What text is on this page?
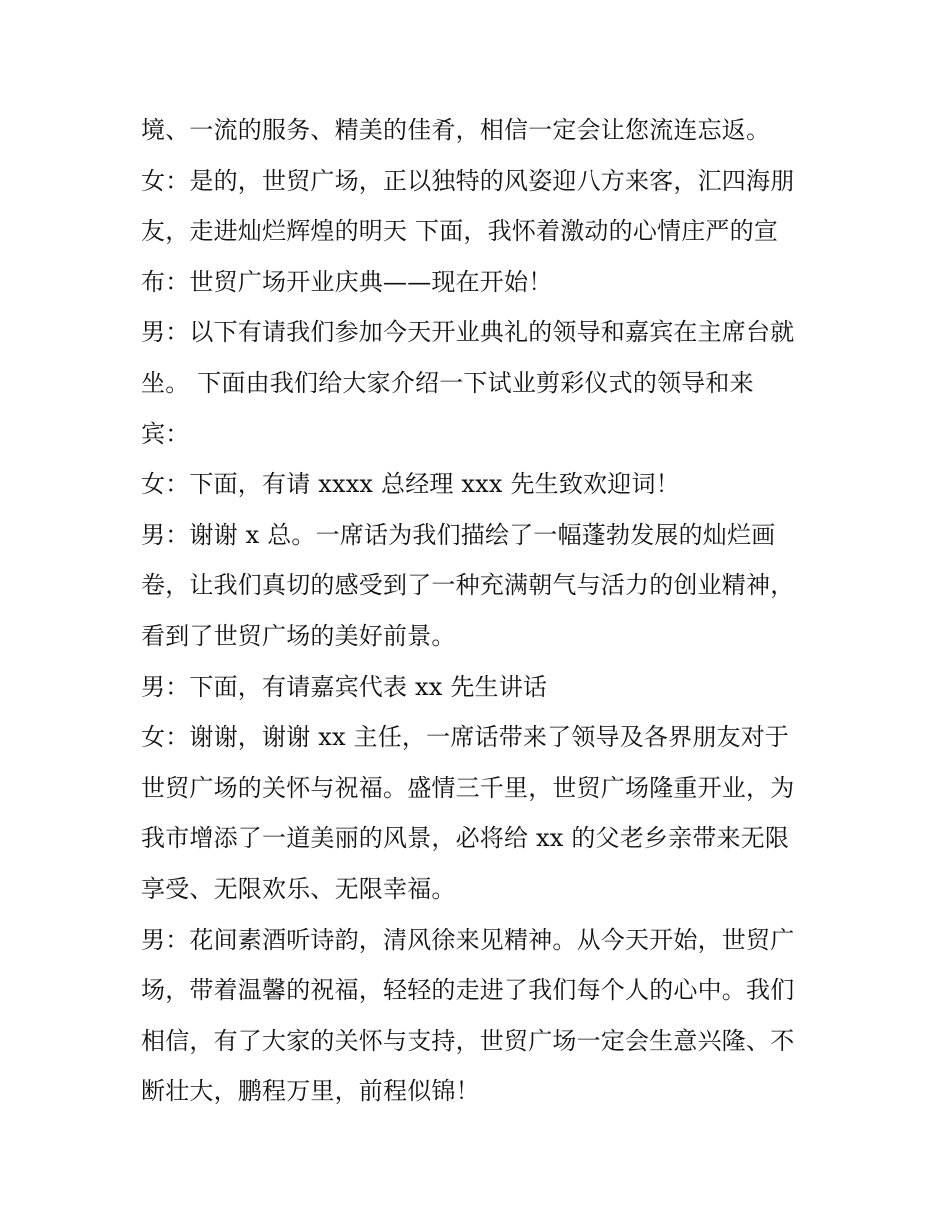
境、一流的服务、精美的佳肴，相信一定会让您流连忘返。
女：是的，世贸广场，正以独特的风姿迎八方来客，汇四海朋
友，走进灿烂辉煌的明天 下面，我怀着激动的心情庄严的宣
布：世贸广场开业庆典——现在开始！
男：以下有请我们参加今天开业典礼的领导和嘉宾在主席台就
坐。 下面由我们给大家介绍一下试业剪彩仪式的领导和来
宾：
女：下面，有请 xxxx 总经理 xxx 先生致欢迎词！
男：谢谢 x 总。一席话为我们描绘了一幅蓬勃发展的灿烂画
卷，让我们真切的感受到了一种充满朝气与活力的创业精神，
看到了世贸广场的美好前景。
男：下面，有请嘉宾代表 xx 先生讲话
女：谢谢，谢谢 xx 主任，一席话带来了领导及各界朋友对于
世贸广场的关怀与祝福。盛情三千里，世贸广场隆重开业，为
我市增添了一道美丽的风景，必将给 xx 的父老乡亲带来无限
享受、无限欢乐、无限幸福。
男：花间素酒听诗韵，清风徐来见精神。从今天开始，世贸广
场，带着温馨的祝福，轻轻的走进了我们每个人的心中。我们
相信，有了大家的关怀与支持，世贸广场一定会生意兴隆、不
断壮大，鹏程万里，前程似锦！
